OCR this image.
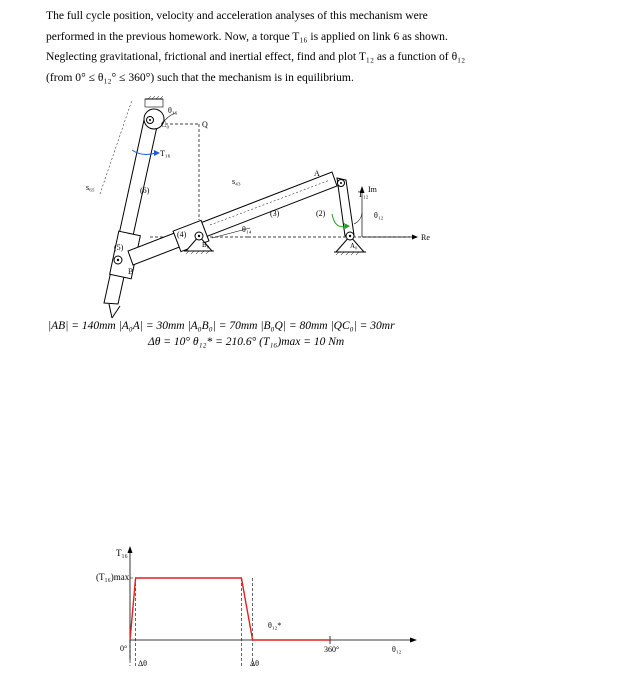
The full cycle position, velocity and acceleration analyses of this mechanism were

performed in the previous homework. Now, a torque T₁₆ is applied on link 6 as shown.

Neglecting gravitational, frictional and inertial effect, find and plot T₁₂ as a function of θ₁₂

(from 0° ≤ θ₁₂° ≤ 360°) such that the mechanism is in equilibrium.

Im
Re
(5)
B
θ₁₆
C₀	Q
T₁₆
s₆₅	(6)
(3)
s₄₃
θ₁₄
(4)
B₀
(2)
A
T₁₂
θ₁₂
A₀
|AB| = 140mm |A₀A| = 30mm |A₀B₀| = 70mm |B₀Q| = 80mm |QC₀| = 30mr
Δθ = 10° θ₁₂* = 210.6° (T₁₆)max = 10 Nm
T₁₆
(T₁₆)max
0°	360°	θ₁₂
θ₁₂*
Δθ	Δθ
